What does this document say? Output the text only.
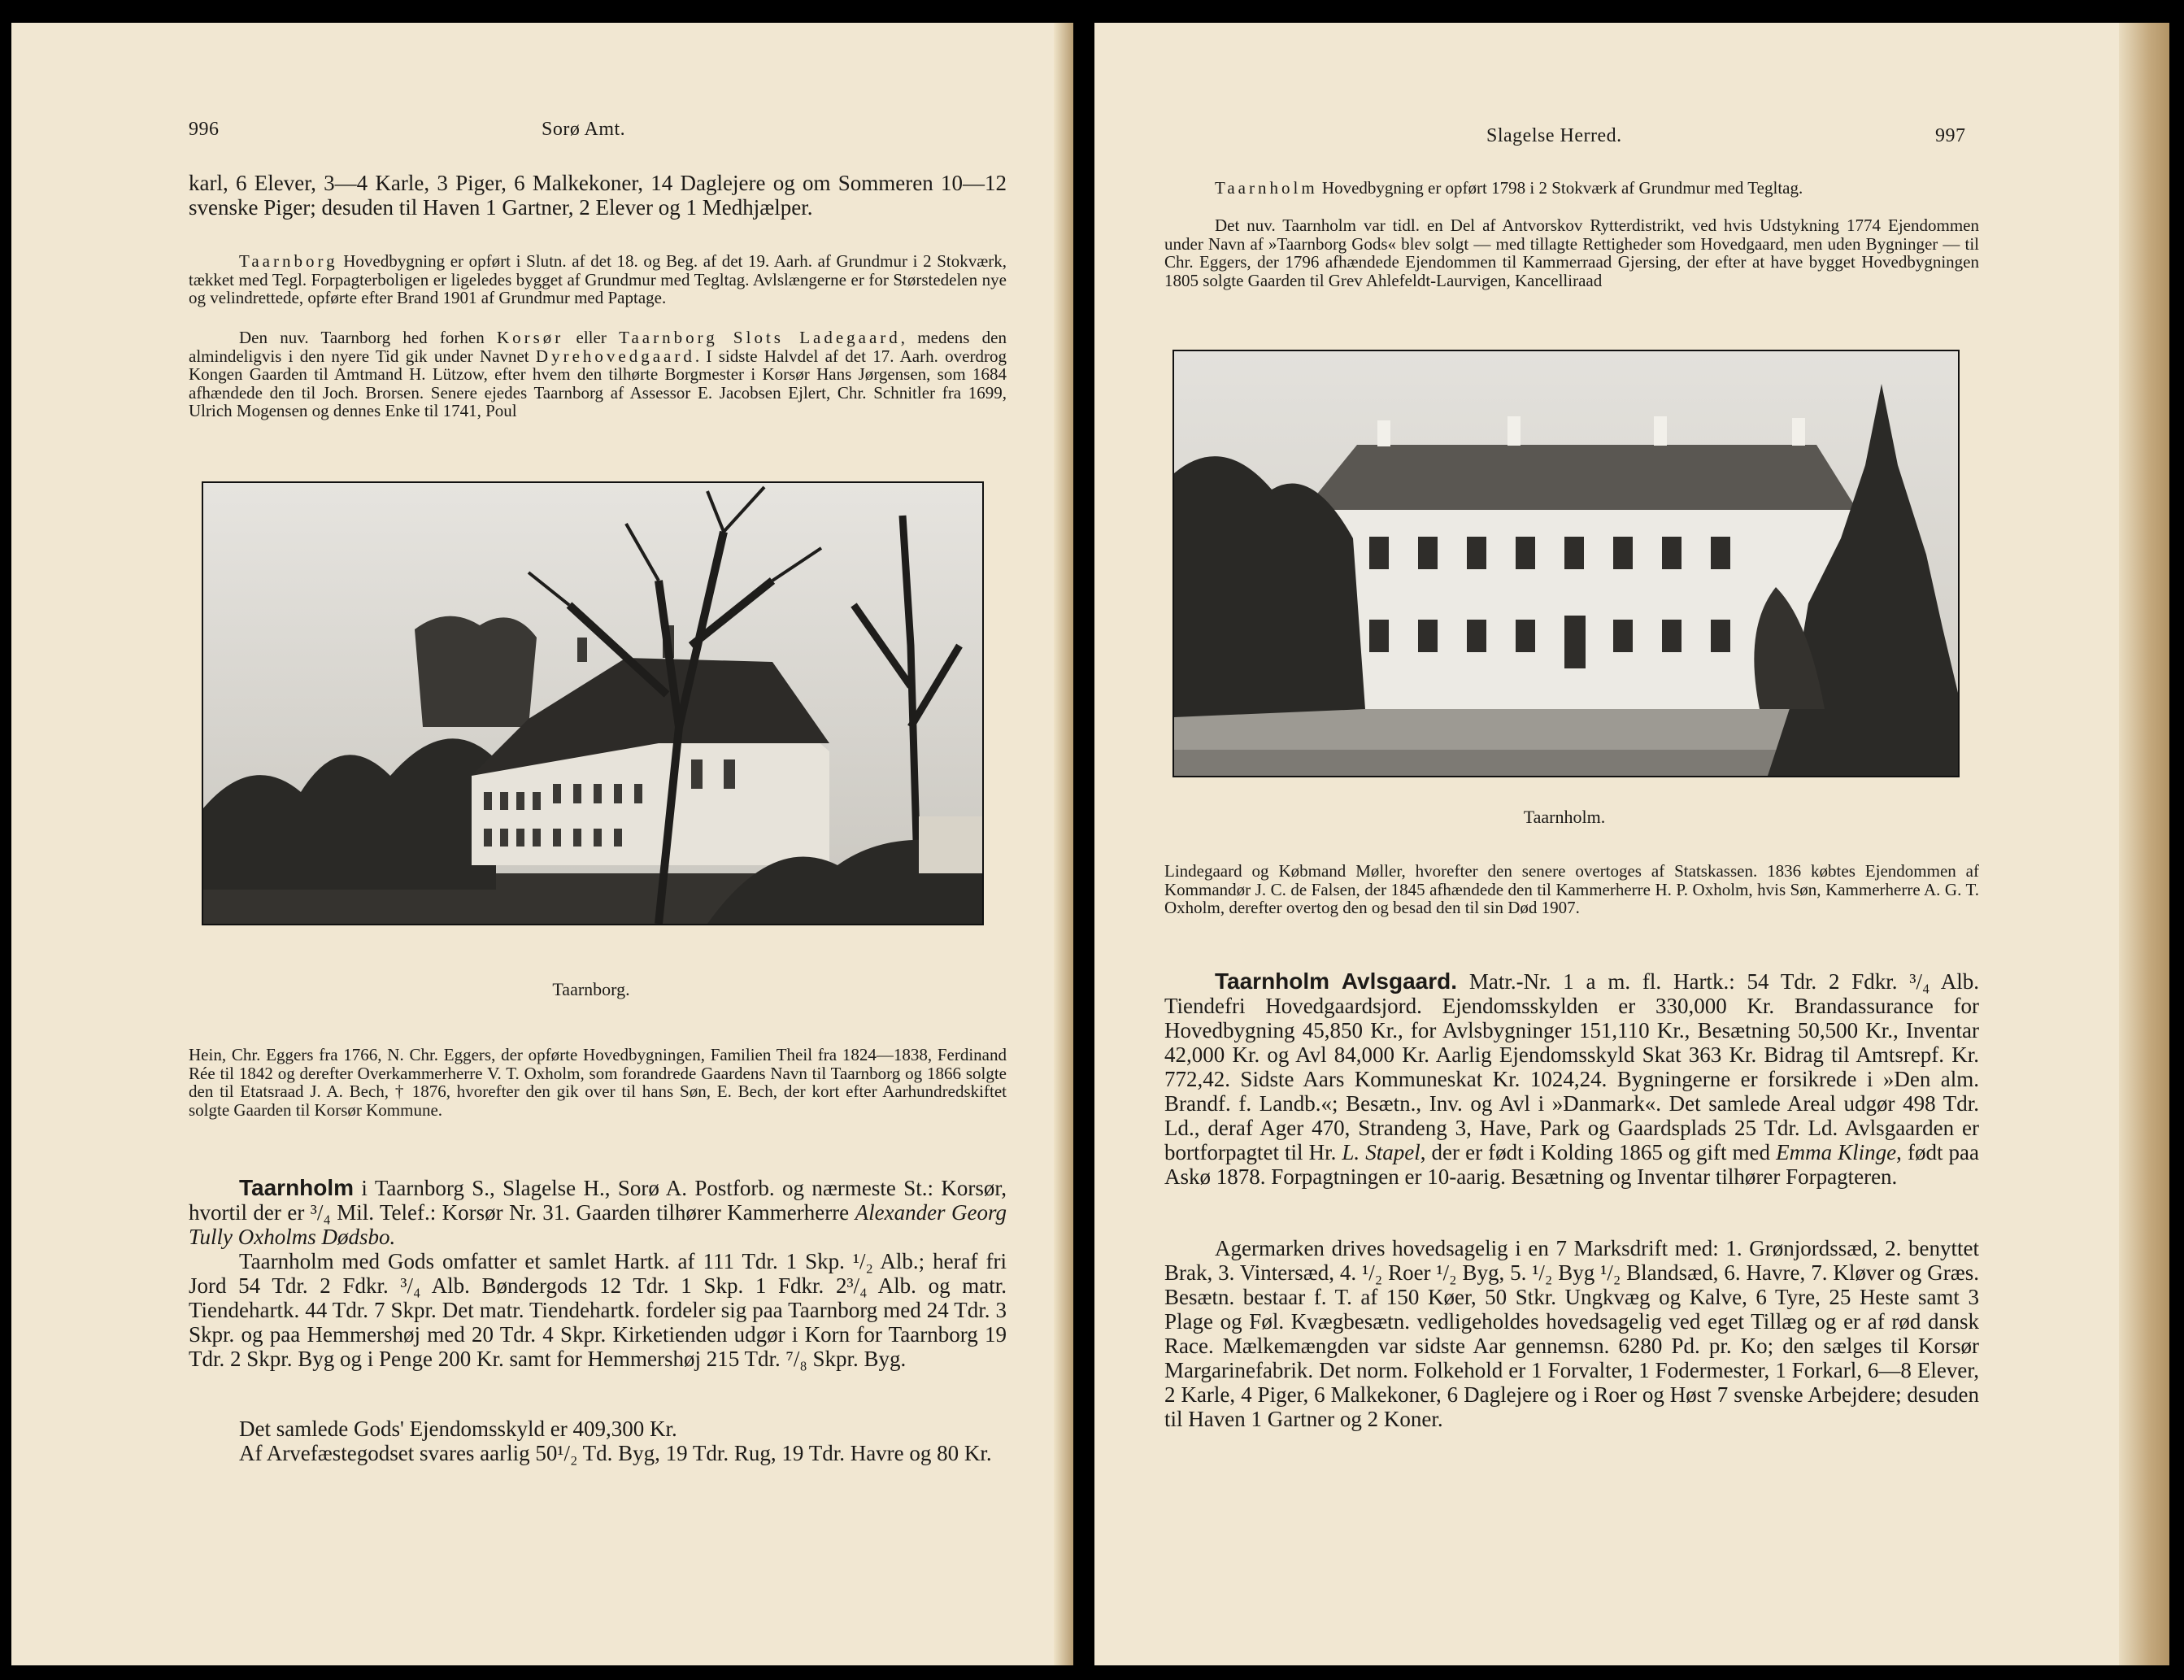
996	Sorø Amt.

karl, 6 Elever, 3—4 Karle, 3 Piger, 6 Malkekoner, 14 Daglejere og om Sommeren 10—12 svenske Piger; desuden til Haven 1 Gartner, 2 Elever og 1 Medhjælper.

Taarnborg Hovedbygning er opført i Slutn. af det 18. og Beg. af det 19. Aarh. af Grundmur i 2 Stokværk, tækket med Tegl. Forpagterboligen er ligeledes bygget af Grundmur med Tegltag. Avlslængerne er for Størstedelen nye og velindrettede, opførte efter Brand 1901 af Grundmur med Paptage.

Den nuv. Taarnborg hed forhen Korsør eller Taarnborg Slots Ladegaard, medens den almindeligvis i den nyere Tid gik under Navnet Dyrehovedgaard. I sidste Halvdel af det 17. Aarh. overdrog Kongen Gaarden til Amtmand H. Lützow, efter hvem den tilhørte Borgmester i Korsør Hans Jørgensen, som 1684 afhændede den til Joch. Brorsen. Senere ejedes Taarnborg af Assessor E. Jacobsen Ejlert, Chr. Schnitler fra 1699, Ulrich Mogensen og dennes Enke til 1741, Poul

Taarnborg.

Hein, Chr. Eggers fra 1766, N. Chr. Eggers, der opførte Hovedbygningen, Familien Theil fra 1824—1838, Ferdinand Rée til 1842 og derefter Overkammerherre V. T. Oxholm, som forandrede Gaardens Navn til Taarnborg og 1866 solgte den til Etatsraad J. A. Bech, † 1876, hvorefter den gik over til hans Søn, E. Bech, der kort efter Aarhundredskiftet solgte Gaarden til Korsør Kommune.

Taarnholm i Taarnborg S., Slagelse H., Sorø A. Postforb. og nærmeste St.: Korsør, hvortil der er ³/₄ Mil. Telef.: Korsør Nr. 31. Gaarden tilhører Kammerherre Alexander Georg Tully Oxholms Dødsbo.

Taarnholm med Gods omfatter et samlet Hartk. af 111 Tdr. 1 Skp. ¹/₂ Alb.; heraf fri Jord 54 Tdr. 2 Fdkr. ³/₄ Alb. Bøndergods 12 Tdr. 1 Skp. 1 Fdkr. 2³/₄ Alb. og matr. Tiendehartk. 44 Tdr. 7 Skpr. Det matr. Tiendehartk. fordeler sig paa Taarnborg med 24 Tdr. 3 Skpr. og paa Hemmershøj med 20 Tdr. 4 Skpr. Kirketienden udgør i Korn for Taarnborg 19 Tdr. 2 Skpr. Byg og i Penge 200 Kr. samt for Hemmershøj 215 Tdr. ⁷/₈ Skpr. Byg.

Det samlede Gods' Ejendomsskyld er 409,300 Kr.

Af Arvefæstegodset svares aarlig 50¹/₂ Td. Byg, 19 Tdr. Rug, 19 Tdr. Havre og 80 Kr.

Slagelse Herred.	997

Taarnholm Hovedbygning er opført 1798 i 2 Stokværk af Grundmur med Tegltag.

Det nuv. Taarnholm var tidl. en Del af Antvorskov Rytterdistrikt, ved hvis Udstykning 1774 Ejendommen under Navn af »Taarnborg Gods« blev solgt — med tillagte Rettigheder som Hovedgaard, men uden Bygninger — til Chr. Eggers, der 1796 afhændede Ejendommen til Kammerraad Gjersing, der efter at have bygget Hovedbygningen 1805 solgte Gaarden til Grev Ahlefeldt-Laurvigen, Kancelliraad

Taarnholm.

Lindegaard og Købmand Møller, hvorefter den senere overtoges af Statskassen. 1836 købtes Ejendommen af Kommandør J. C. de Falsen, der 1845 afhændede den til Kammerherre H. P. Oxholm, hvis Søn, Kammerherre A. G. T. Oxholm, derefter overtog den og besad den til sin Død 1907.

Taarnholm Avlsgaard. Matr.-Nr. 1 a m. fl. Hartk.: 54 Tdr. 2 Fdkr. ³/₄ Alb. Tiendefri Hovedgaardsjord. Ejendomsskylden er 330,000 Kr. Brandassurance for Hovedbygning 45,850 Kr., for Avlsbygninger 151,110 Kr., Besætning 50,500 Kr., Inventar 42,000 Kr. og Avl 84,000 Kr. Aarlig Ejendomsskyld Skat 363 Kr. Bidrag til Amtsrepf. Kr. 772,42. Sidste Aars Kommuneskat Kr. 1024,24. Bygningerne er forsikrede i »Den alm. Brandf. f. Landb.«; Besætn., Inv. og Avl i »Danmark«. Det samlede Areal udgør 498 Tdr. Ld., deraf Ager 470, Strandeng 3, Have, Park og Gaardsplads 25 Tdr. Ld. Avlsgaarden er bortforpagtet til Hr. L. Stapel, der er født i Kolding 1865 og gift med Emma Klinge, født paa Askø 1878. Forpagtningen er 10-aarig. Besætning og Inventar tilhører Forpagteren.

Agermarken drives hovedsagelig i en 7 Marksdrift med: 1. Grønjordssæd, 2. benyttet Brak, 3. Vintersæd, 4. ¹/₂ Roer ¹/₂ Byg, 5. ¹/₂ Byg ¹/₂ Blandsæd, 6. Havre, 7. Kløver og Græs. Besætn. bestaar f. T. af 150 Køer, 50 Stkr. Ungkvæg og Kalve, 6 Tyre, 25 Heste samt 3 Plage og Føl. Kvægbesætn. vedligeholdes hovedsagelig ved eget Tillæg og er af rød dansk Race. Mælkemængden var sidste Aar gennemsn. 6280 Pd. pr. Ko; den sælges til Korsør Margarinefabrik. Det norm. Folkehold er 1 Forvalter, 1 Fodermester, 1 Forkarl, 6—8 Elever, 2 Karle, 4 Piger, 6 Malkekoner, 6 Daglejere og i Roer og Høst 7 svenske Arbejdere; desuden til Haven 1 Gartner og 2 Koner.
